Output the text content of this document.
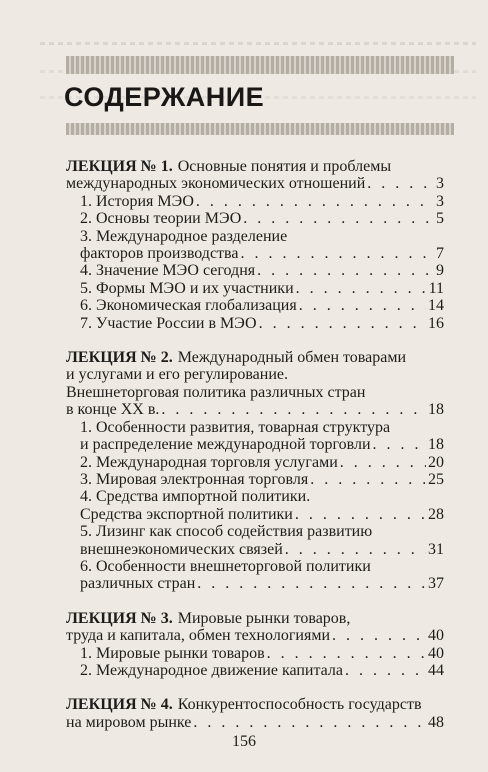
СОДЕРЖАНИЕ
ЛЕКЦИЯ № 1. Основные понятия и проблемы
международных экономических отношений . . .	3
1. История МЭО . . .	3
2. Основы теории МЭО . . .	5
3. Международное разделение
факторов производства . . .	7
4. Значение МЭО сегодня . . .	9
5. Формы МЭО и их участники . . .	11
6. Экономическая глобализация . . .	14
7. Участие России в МЭО . . .	16
ЛЕКЦИЯ № 2. Международный обмен товарами
и услугами и его регулирование.
Внешнеторговая политика различных стран
в конце XX в. . . .	18
1. Особенности развития, товарная структура
и распределение международной торговли . . .	18
2. Международная торговля услугами . . .	20
3. Мировая электронная торговля . . .	25
4. Средства импортной политики.
Средства экспортной политики . . .	28
5. Лизинг как способ содействия развитию
внешнеэкономических связей . . .	31
6. Особенности внешнеторговой политики
различных стран . . .	37
ЛЕКЦИЯ № 3. Мировые рынки товаров,
труда и капитала, обмен технологиями . . .	40
1. Мировые рынки товаров . . .	40
2. Международное движение капитала . . .	44
ЛЕКЦИЯ № 4. Конкурентоспособность государств
на мировом рынке . . .	48
156
